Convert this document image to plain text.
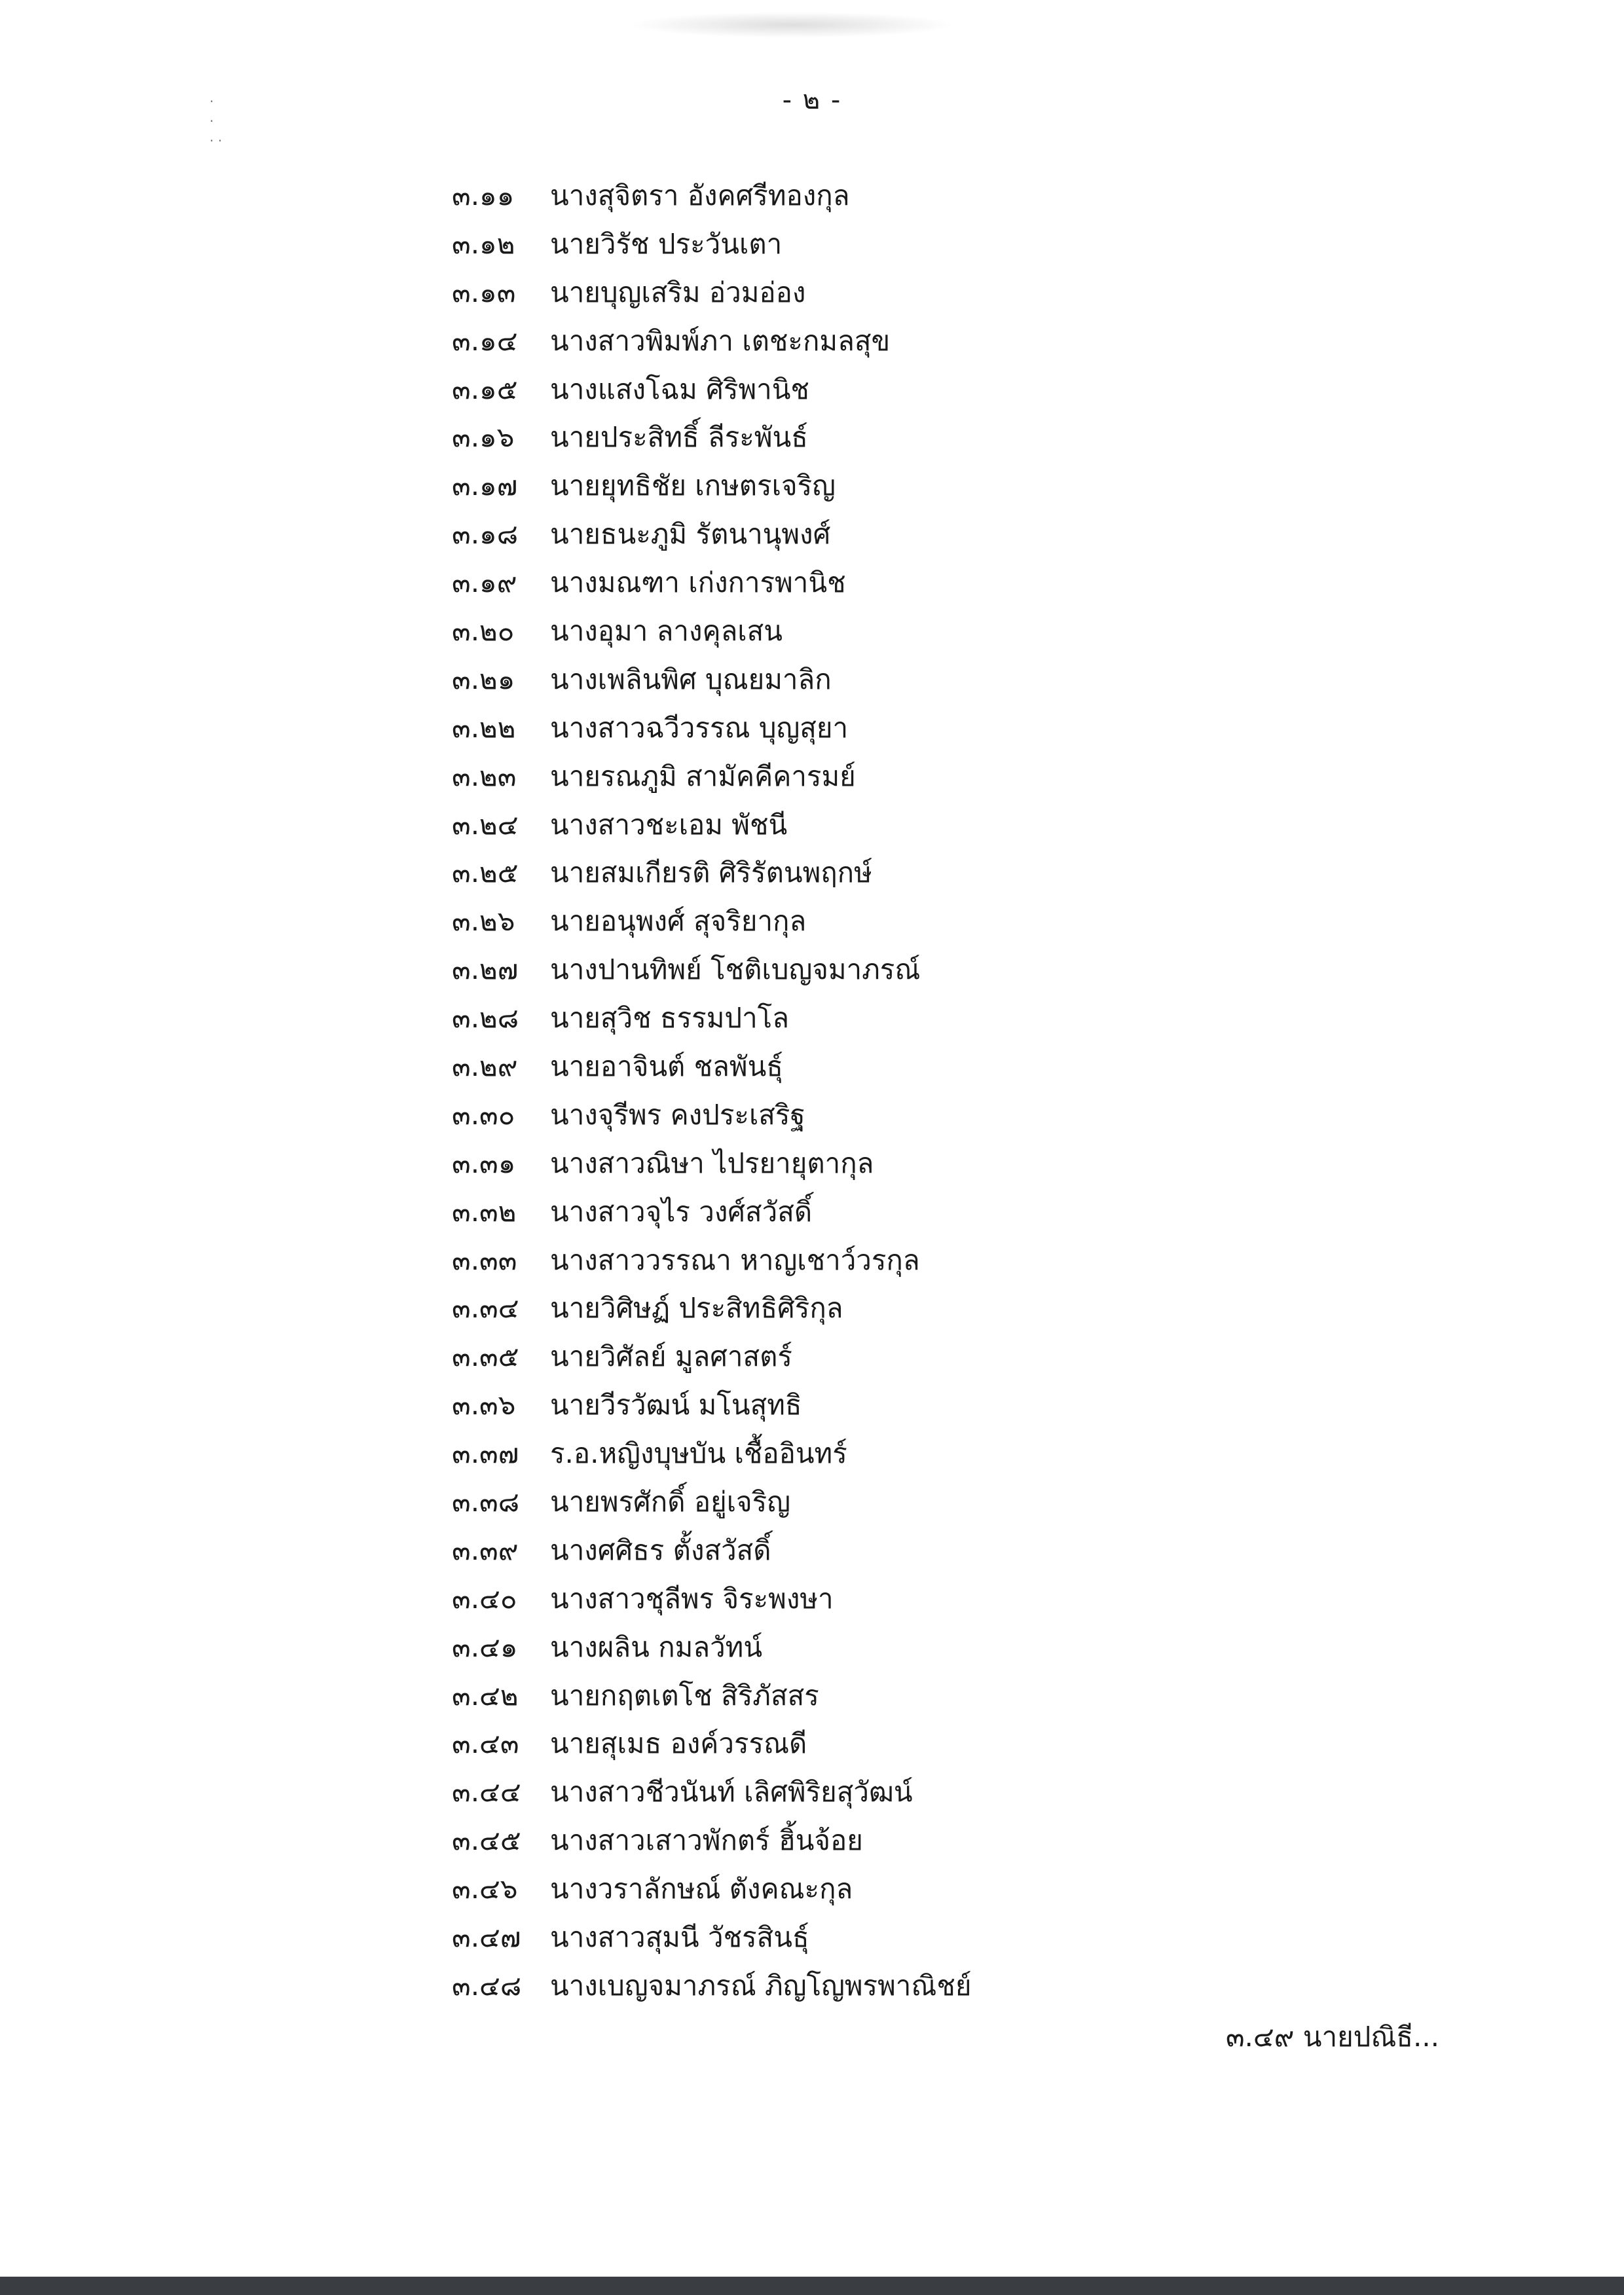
·
·
· ·
- ๒ -
๓.๑๑	นางสุจิตรา อังคศรีทองกุล
๓.๑๒	นายวิรัช ประวันเตา
๓.๑๓	นายบุญเสริม อ่วมอ่อง
๓.๑๔	นางสาวพิมพ์ภา เตชะกมลสุข
๓.๑๕	นางแสงโฉม ศิริพานิช
๓.๑๖	นายประสิทธิ์ ลีระพันธ์
๓.๑๗	นายยุทธิชัย เกษตรเจริญ
๓.๑๘	นายธนะภูมิ รัตนานุพงศ์
๓.๑๙	นางมณฑา เก่งการพานิช
๓.๒๐	นางอุมา ลางคุลเสน
๓.๒๑	นางเพลินพิศ บุณยมาลิก
๓.๒๒	นางสาวฉวีวรรณ บุญสุยา
๓.๒๓	นายรณภูมิ สามัคคีคารมย์
๓.๒๔	นางสาวชะเอม พัชนี
๓.๒๕	นายสมเกียรติ ศิริรัตนพฤกษ์
๓.๒๖	นายอนุพงศ์ สุจริยากุล
๓.๒๗	นางปานทิพย์ โชติเบญจมาภรณ์
๓.๒๘	นายสุวิช ธรรมปาโล
๓.๒๙	นายอาจินต์ ชลพันธุ์
๓.๓๐	นางจุรีพร คงประเสริฐ
๓.๓๑	นางสาวณิษา ไปรยายุตากุล
๓.๓๒	นางสาวจุไร วงศ์สวัสดิ์
๓.๓๓	นางสาววรรณา หาญเชาว์วรกุล
๓.๓๔	นายวิศิษฏ์ ประสิทธิศิริกุล
๓.๓๕	นายวิศัลย์ มูลศาสตร์
๓.๓๖	นายวีรวัฒน์ มโนสุทธิ
๓.๓๗	ร.อ.หญิงบุษบัน เชื้ออินทร์
๓.๓๘	นายพรศักดิ์ อยู่เจริญ
๓.๓๙	นางศศิธร ตั้งสวัสดิ์
๓.๔๐	นางสาวชุลีพร จิระพงษา
๓.๔๑	นางผลิน กมลวัทน์
๓.๔๒	นายกฤตเตโช สิริภัสสร
๓.๔๓	นายสุเมธ องค์วรรณดี
๓.๔๔	นางสาวชีวนันท์ เลิศพิริยสุวัฒน์
๓.๔๕	นางสาวเสาวพักตร์ ฮิ้นจ้อย
๓.๔๖	นางวราลักษณ์ ตังคณะกุล
๓.๔๗	นางสาวสุมนี วัชรสินธุ์
๓.๔๘	นางเบญจมาภรณ์ ภิญโญพรพาณิชย์
๓.๔๙ นายปณิธี...
